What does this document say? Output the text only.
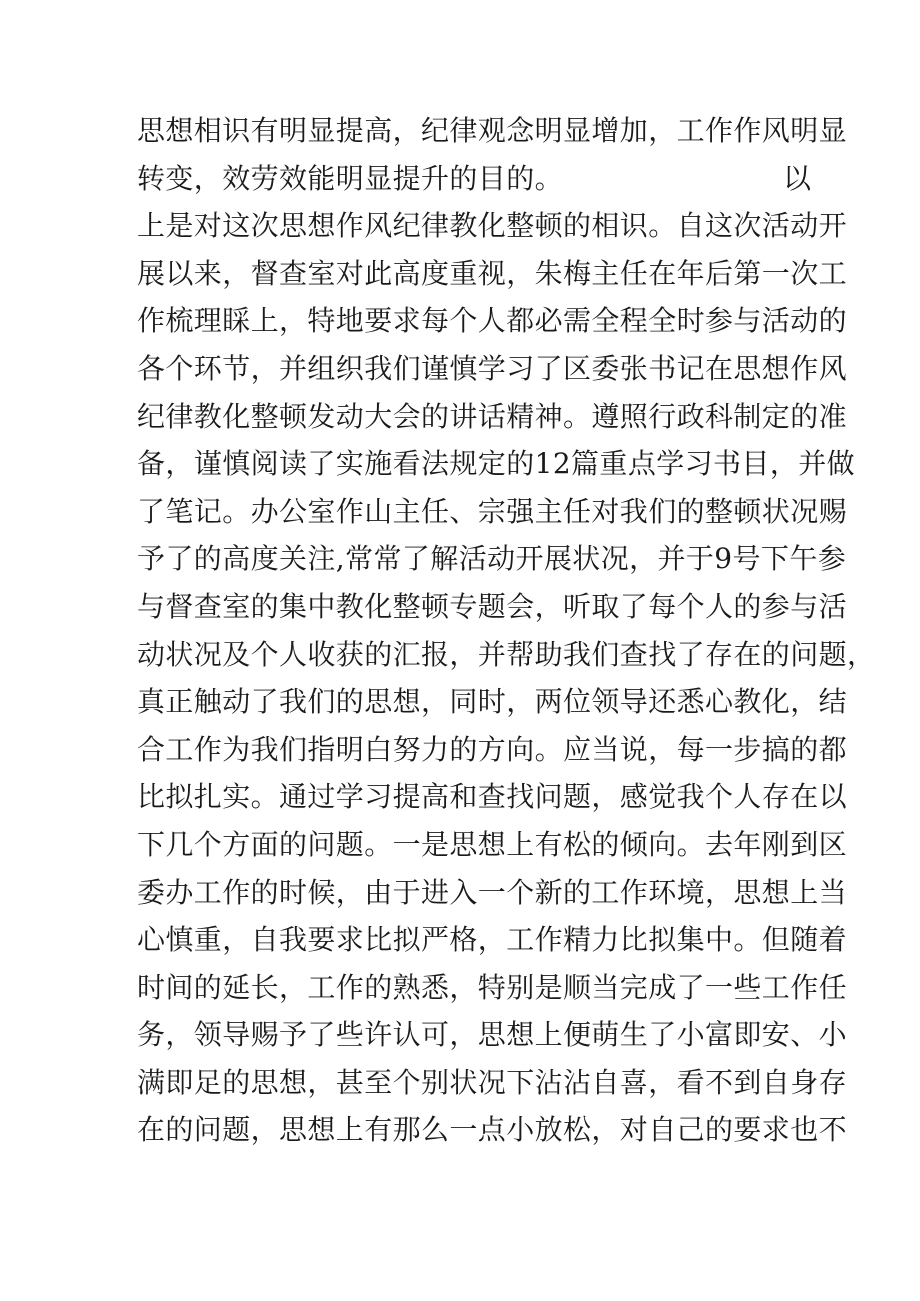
思想相识有明显提高，纪律观念明显增加，工作作风明显
转变，效劳效能明显提升的目的。	以
上是对这次思想作风纪律教化整顿的相识。自这次活动开
展以来，督查室对此高度重视，朱梅主任在年后第一次工
作梳理睬上，特地要求每个人都必需全程全时参与活动的
各个环节，并组织我们谨慎学习了区委张书记在思想作风
纪律教化整顿发动大会的讲话精神。遵照行政科制定的准
备，谨慎阅读了实施看法规定的12篇重点学习书目，并做
了笔记。办公室作山主任、宗强主任对我们的整顿状况赐
予了的高度关注,常常了解活动开展状况，并于9号下午参
与督查室的集中教化整顿专题会，听取了每个人的参与活
动状况及个人收获的汇报，并帮助我们查找了存在的问题，
真正触动了我们的思想，同时，两位领导还悉心教化，结
合工作为我们指明白努力的方向。应当说，每一步搞的都
比拟扎实。通过学习提高和查找问题，感觉我个人存在以
下几个方面的问题。一是思想上有松的倾向。去年刚到区
委办工作的时候，由于进入一个新的工作环境，思想上当
心慎重，自我要求比拟严格，工作精力比拟集中。但随着
时间的延长，工作的熟悉，特别是顺当完成了一些工作任
务，领导赐予了些许认可，思想上便萌生了小富即安、小
满即足的思想，甚至个别状况下沾沾自喜，看不到自身存
在的问题，思想上有那么一点小放松，对自己的要求也不
